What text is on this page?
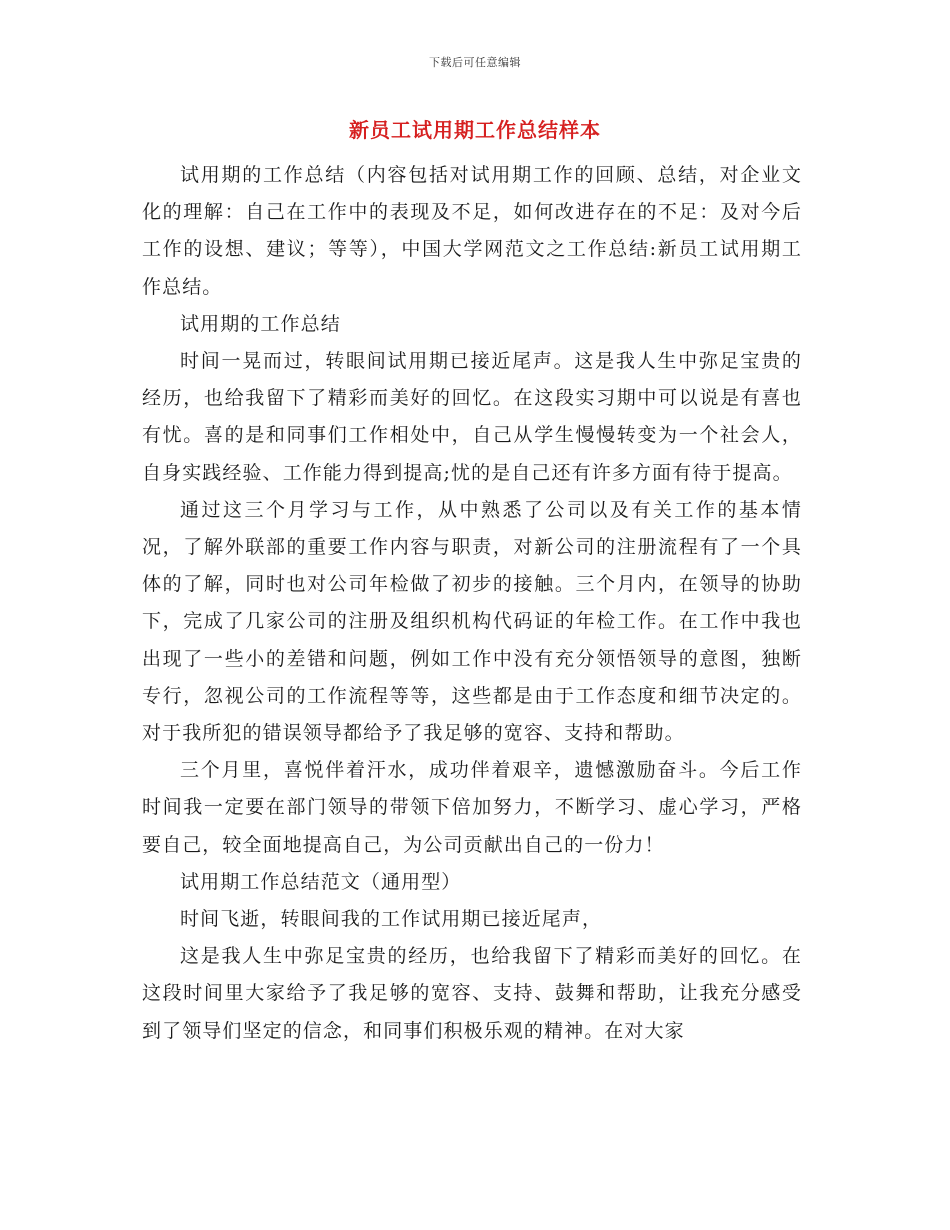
下载后可任意编辑
新员工试用期工作总结样本

试用期的工作总结（内容包括对试用期工作的回顾、总结，对企业文化的理解：自己在工作中的表现及不足，如何改进存在的不足：及对今后工作的设想、建议；等等），中国大学网范文之工作总结:新员工试用期工作总结。

试用期的工作总结

时间一晃而过，转眼间试用期已接近尾声。这是我人生中弥足宝贵的经历，也给我留下了精彩而美好的回忆。在这段实习期中可以说是有喜也有忧。喜的是和同事们工作相处中，自己从学生慢慢转变为一个社会人，自身实践经验、工作能力得到提高;忧的是自己还有许多方面有待于提高。

通过这三个月学习与工作，从中熟悉了公司以及有关工作的基本情况，了解外联部的重要工作内容与职责，对新公司的注册流程有了一个具体的了解，同时也对公司年检做了初步的接触。三个月内，在领导的协助下，完成了几家公司的注册及组织机构代码证的年检工作。在工作中我也出现了一些小的差错和问题，例如工作中没有充分领悟领导的意图，独断专行，忽视公司的工作流程等等，这些都是由于工作态度和细节决定的。对于我所犯的错误领导都给予了我足够的宽容、支持和帮助。

三个月里，喜悦伴着汗水，成功伴着艰辛，遗憾激励奋斗。今后工作时间我一定要在部门领导的带领下倍加努力，不断学习、虚心学习，严格要自己，较全面地提高自己，为公司贡献出自己的一份力！

试用期工作总结范文（通用型）

时间飞逝，转眼间我的工作试用期已接近尾声，

这是我人生中弥足宝贵的经历，也给我留下了精彩而美好的回忆。在这段时间里大家给予了我足够的宽容、支持、鼓舞和帮助，让我充分感受到了领导们坚定的信念，和同事们积极乐观的精神。在对大家
